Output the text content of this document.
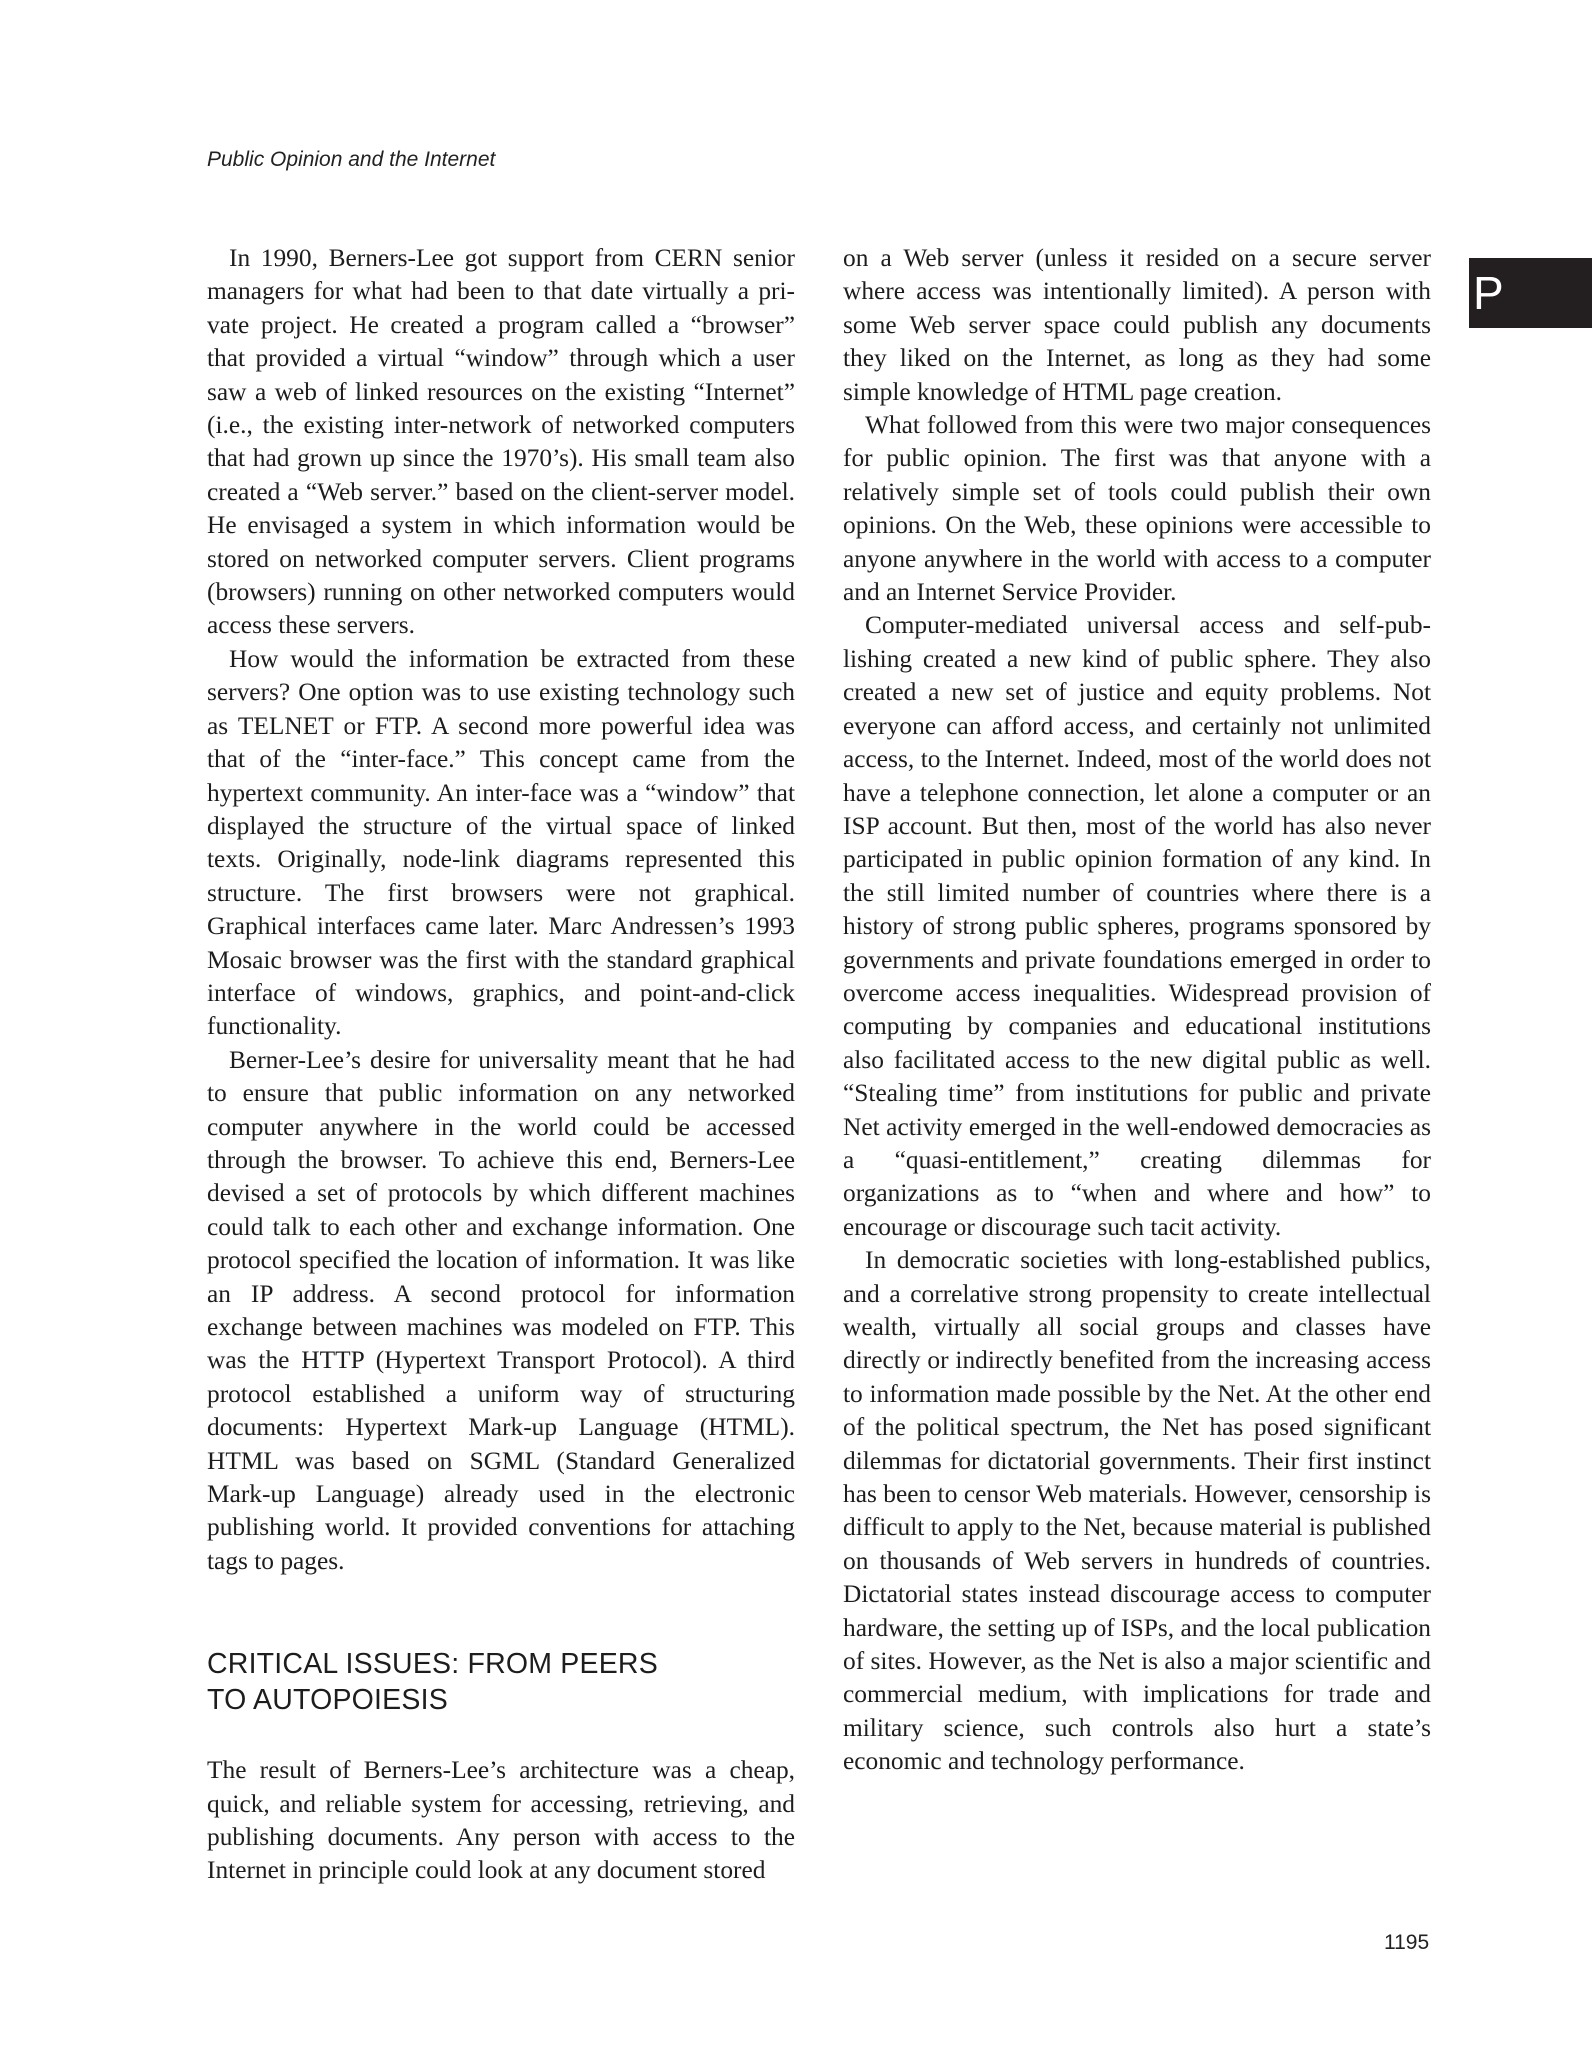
Public Opinion and the Internet
P

In 1990, Berners-Lee got support from CERN senior managers for what had been to that date virtually a private project. He created a program called a “browser” that provided a virtual “window” through which a user saw a web of linked resources on the existing “Internet” (i.e., the existing inter-network of networked computers that had grown up since the 1970’s). His small team also created a “Web server.” based on the client-server model. He envisaged a system in which information would be stored on networked computer servers. Client programs (browsers) running on other networked computers would access these servers.

How would the information be extracted from these servers? One option was to use existing technology such as TELNET or FTP. A second more powerful idea was that of the “inter-face.” This concept came from the hypertext community. An inter-face was a “window” that displayed the structure of the virtual space of linked texts. Originally, node-link diagrams represented this structure. The first browsers were not graphical. Graphical interfaces came later. Marc Andressen’s 1993 Mosaic browser was the first with the standard graphical interface of windows, graphics, and point-and-click functionality.

Berner-Lee’s desire for universality meant that he had to ensure that public information on any networked computer anywhere in the world could be accessed through the browser. To achieve this end, Berners-Lee devised a set of protocols by which different machines could talk to each other and exchange information. One protocol specified the location of information. It was like an IP address. A second protocol for information exchange between machines was modeled on FTP. This was the HTTP (Hypertext Transport Protocol). A third protocol established a uniform way of structuring documents: Hypertext Mark-up Language (HTML). HTML was based on SGML (Standard Generalized Mark-up Language) already used in the electronic publishing world. It provided conventions for attaching tags to pages.

CRITICAL ISSUES: FROM PEERS
TO AUTOPOIESIS

The result of Berners-Lee’s architecture was a cheap, quick, and reliable system for accessing, retrieving, and publishing documents. Any person with access to the Internet in principle could look at any document stored

on a Web server (unless it resided on a secure server where access was intentionally limited). A person with some Web server space could publish any documents they liked on the Internet, as long as they had some simple knowledge of HTML page creation.

What followed from this were two major consequences for public opinion. The first was that anyone with a relatively simple set of tools could publish their own opinions. On the Web, these opinions were accessible to anyone anywhere in the world with access to a computer and an Internet Service Provider.

Computer-mediated universal access and self-publishing created a new kind of public sphere. They also created a new set of justice and equity problems. Not everyone can afford access, and certainly not unlimited access, to the Internet. Indeed, most of the world does not have a telephone connection, let alone a computer or an ISP account. But then, most of the world has also never participated in public opinion formation of any kind. In the still limited number of countries where there is a history of strong public spheres, programs sponsored by governments and private foundations emerged in order to overcome access inequalities. Widespread provision of computing by companies and educational institutions also facilitated access to the new digital public as well. “Stealing time” from institutions for public and private Net activity emerged in the well-endowed democracies as a “quasi-entitlement,” creating dilemmas for organizations as to “when and where and how” to encourage or discourage such tacit activity.

In democratic societies with long-established publics, and a correlative strong propensity to create intellectual wealth, virtually all social groups and classes have directly or indirectly benefited from the increasing access to information made possible by the Net. At the other end of the political spectrum, the Net has posed significant dilemmas for dictatorial governments. Their first instinct has been to censor Web materials. However, censorship is difficult to apply to the Net, because material is published on thousands of Web servers in hundreds of countries. Dictatorial states instead discourage access to computer hardware, the setting up of ISPs, and the local publication of sites. However, as the Net is also a major scientific and commercial medium, with implications for trade and military science, such controls also hurt a state’s economic and technology performance.

1195
